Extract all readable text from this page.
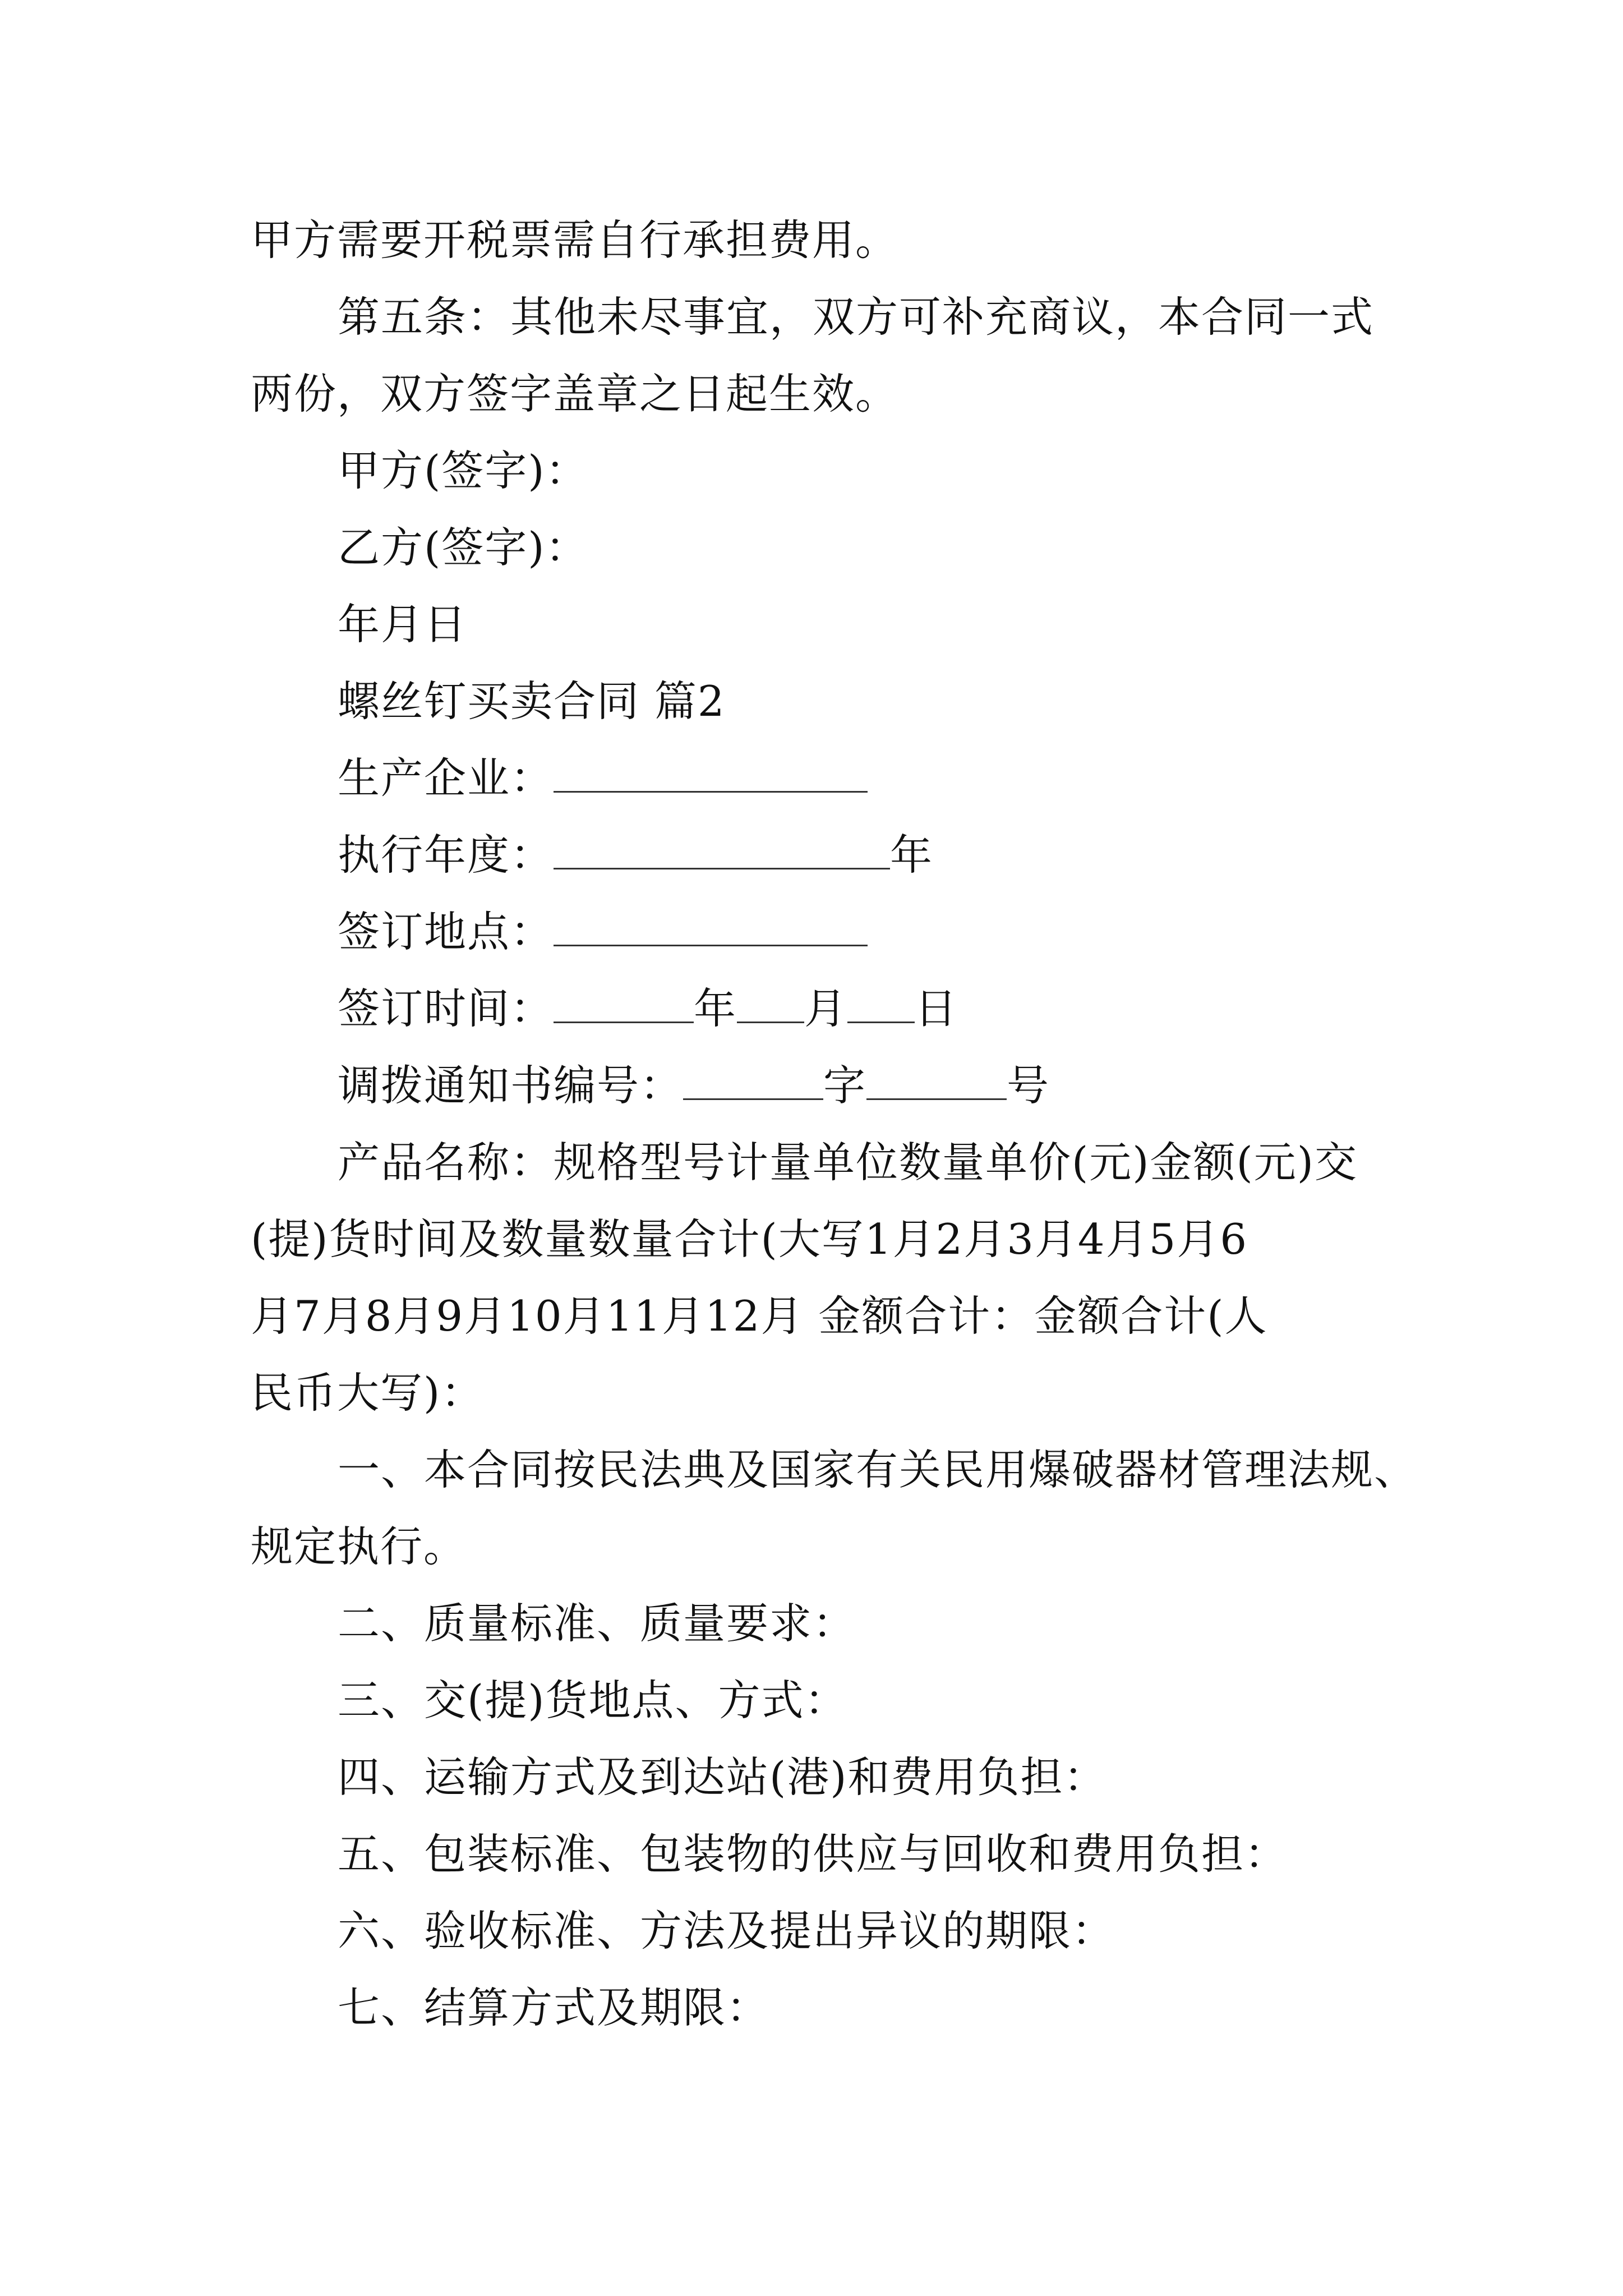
甲方需要开税票需自行承担费用。
第五条：其他未尽事宜，双方可补充商议，本合同一式
两份，双方签字盖章之日起生效。
甲方(签字)：
乙方(签字)：
年月日
螺丝钉买卖合同 篇2
生产企业：
执行年度：	年
签订地点：
签订时间：	年 月 日
调拨通知书编号：	字	号
产品名称：规格型号计量单位数量单价(元)金额(元)交
(提)货时间及数量数量合计(大写1月2月3月4月5月6
月7月8月9月10月11月12月 金额合计：金额合计(人
民币大写)：
一、本合同按民法典及国家有关民用爆破器材管理法规、
规定执行。
二、质量标准、质量要求：
三、交(提)货地点、方式：
四、运输方式及到达站(港)和费用负担：
五、包装标准、包装物的供应与回收和费用负担：
六、验收标准、方法及提出异议的期限：
七、结算方式及期限：
